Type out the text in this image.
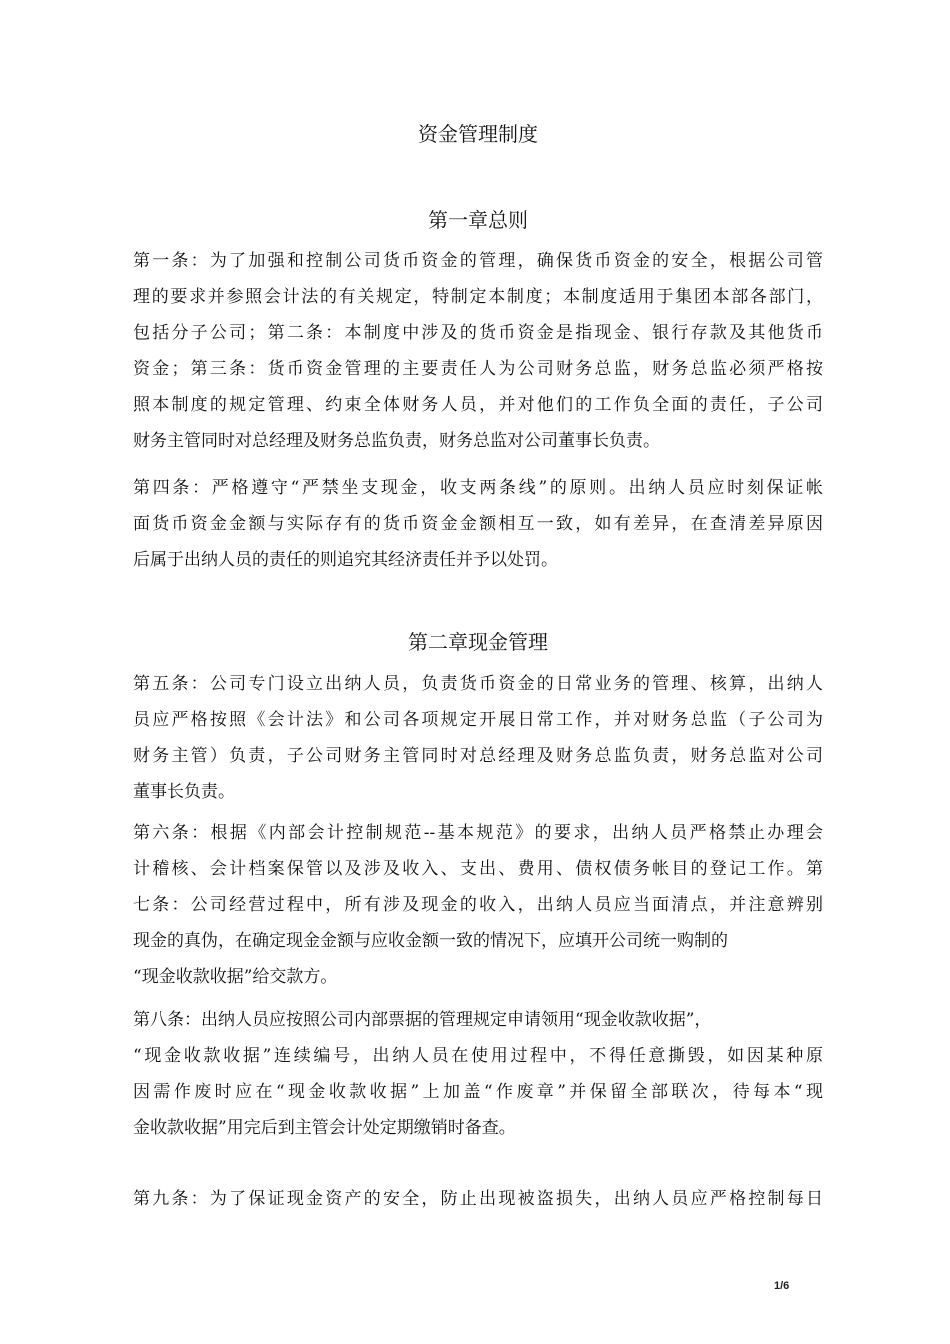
资金管理制度
第一章总则
第一条：为了加强和控制公司货币资金的管理，确保货币资金的安全，根据公司管
理的要求并参照会计法的有关规定，特制定本制度；本制度适用于集团本部各部门，
包括分子公司；第二条：本制度中涉及的货币资金是指现金、银行存款及其他货币
资金；第三条：货币资金管理的主要责任人为公司财务总监，财务总监必须严格按
照本制度的规定管理、约束全体财务人员，并对他们的工作负全面的责任，子公司
财务主管同时对总经理及财务总监负责，财务总监对公司董事长负责。
第四条：严格遵守“严禁坐支现金，收支两条线”的原则。出纳人员应时刻保证帐
面货币资金金额与实际存有的货币资金金额相互一致，如有差异，在查清差异原因
后属于出纳人员的责任的则追究其经济责任并予以处罚。
第二章现金管理
第五条：公司专门设立出纳人员，负责货币资金的日常业务的管理、核算，出纳人
员应严格按照《会计法》和公司各项规定开展日常工作，并对财务总监（子公司为
财务主管）负责，子公司财务主管同时对总经理及财务总监负责，财务总监对公司
董事长负责。
第六条：根据《内部会计控制规范--基本规范》的要求，出纳人员严格禁止办理会
计稽核、会计档案保管以及涉及收入、支出、费用、债权债务帐目的登记工作。第
七条：公司经营过程中，所有涉及现金的收入，出纳人员应当面清点，并注意辨别
现金的真伪，在确定现金金额与应收金额一致的情况下，应填开公司统一购制的
“现金收款收据”给交款方。
第八条：出纳人员应按照公司内部票据的管理规定申请领用“现金收款收据”，
“现金收款收据”连续编号，出纳人员在使用过程中，不得任意撕毁，如因某种原
因需作废时应在“现金收款收据”上加盖“作废章”并保留全部联次，待每本“现
金收款收据”用完后到主管会计处定期缴销时备查。
第九条：为了保证现金资产的安全，防止出现被盗损失，出纳人员应严格控制每日
1/6
